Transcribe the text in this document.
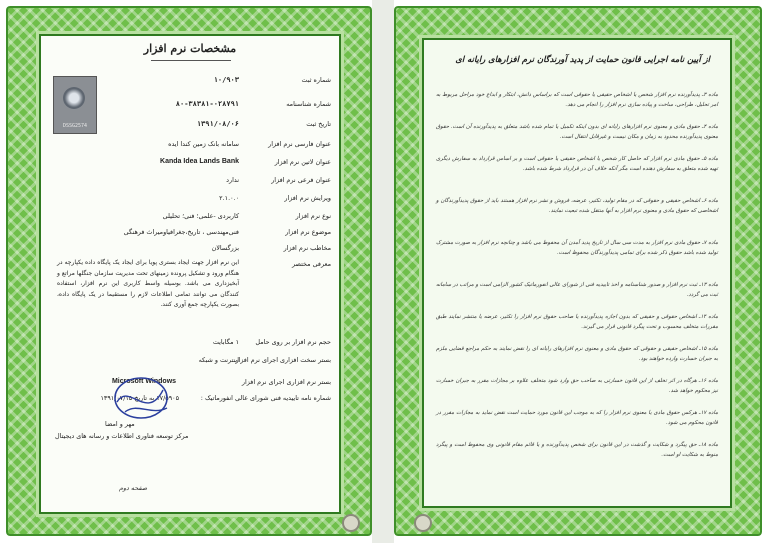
مشخصات نرم افزار
DSSG2574
شماره ثبت
۱۰/۹۰۳
شماره شناسنامه
۸۰-۳۸۳۸۱-۰۲۸۷۹۱
تاریخ ثبت
۱۳۹۱/۰۸/۰۶
عنوان فارسی نرم افزار
سامانه بانک زمین کندا ایده
عنوان لاتین نرم افزار
Kanda Idea Lands Bank
عنوان فرعی نرم افزار
ندارد
ویرایش نرم افزار
۲.۱.۰.۰
نوع نرم افزار
کاربردی -علمی؛ فنی؛ تحلیلی
موضوع نرم افزار
فنی‌مهندسی ، تاریخ‌،جغرافیاومیراث فرهنگی
مخاطب نرم افزار
بزرگسالان
معرفی مختصر
این نرم افزار جهت ایجاد بستری پویا برای ایجاد یک پایگاه داده یکپارچه در هنگام ورود و تشکیل پرونده زمینهای تحت مدیریت سازمان جنگلها مراتع و آبخیزداری می باشد. بوسیله واسط کاربری این نرم افزار، استفاده کنندگان می توانند تمامی اطلاعات لازم را مستقیما در یک پایگاه داده، بصورت یکپارچه جمع آوری کنند.
حجم نرم افزار بر روی حامل
۱ مگابایت
بستر سخت افزاری اجرای نرم افزار
اینترنت و شبکه
بستر نرم افزاری اجرای نرم افزار
Microsoft Windows
شماره نامه تاییدیه فنی شورای عالی انفورماتیک :
۱۷/۵۹۰۵ به تاریخ ۱۳۹۱/۰۷/۱۵
مهر و امضا
مرکز توسعه فناوری اطلاعات و رسانه های دیجیتال
صفحه دوم
از آیین نامه اجرایی قانون حمایت از پدید آورندگان نرم افزارهای رایانه ای
ماده ۳ـ پدیدآورنده نرم افزار شخص یا اشخاص حقیقی یا حقوقی است که براساس دانش، ابتکار و ابداع خود مراحل مربوط به امر تحلیل، طراحی، ساخت و پیاده سازی نرم افزار را انجام می دهد.
ماده ۴ـ حقوق مادی و معنوی نرم افزارهای رایانه ای بدون اینکه تکمیل یا تمام شده باشد متعلق به پدیدآورنده آن است. حقوق معنوی پدیدآورنده محدود به زمان و مکان نیست و غیرقابل انتقال است.
ماده ۵ـ حقوق مادی نرم افزار که حاصل کار شخص یا اشخاص حقیقی یا حقوقی است و بر اساس قرارداد به سفارش دیگری تهیه شده متعلق به سفارش دهنده است مگر آنکه خلاف آن در قرارداد شرط شده باشد.
ماده ۶ـ اشخاص حقیقی و حقوقی که در مقام تولید، تکثیر، عرضه، فروش و نشر نرم افزار هستند باید از حقوق پدیدآورندگان و اشخاصی که حقوق مادی و معنوی نرم افزار به آنها منتقل شده تبعیت نمایند.
ماده ۷ـ حقوق مادی نرم افزار به مدت سی سال از تاریخ پدید آمدن آن محفوظ می باشد و چنانچه نرم افزار به صورت مشترک تولید شده باشد حقوق ذکر شده برای تمامی پدیدآورندگان محفوظ است.
ماده ۱۳ـ ثبت نرم افزار و صدور شناسنامه و اخذ تاییدیه فنی از شورای عالی انفورماتیک کشور الزامی است و مراتب در سامانه ثبت می گردد.
ماده ۱۴ـ اشخاص حقوقی و حقیقی که بدون اجازه پدیدآورنده یا صاحب حقوق نرم افزار را تکثیر، عرضه یا منتشر نمایند طبق مقررات متخلف محسوب و تحت پیگرد قانونی قرار می گیرند.
ماده ۱۵ـ اشخاص حقیقی و حقوقی که حقوق مادی و معنوی نرم افزارهای رایانه ای را نقض نمایند به حکم مراجع قضایی ملزم به جبران خسارت وارده خواهند بود.
ماده ۱۶ـ هرگاه در اثر تخلف از این قانون خسارتی به صاحب حق وارد شود متخلف علاوه بر مجازات مقرر به جبران خسارت نیز محکوم خواهد شد.
ماده ۱۷ـ هرکس حقوق مادی یا معنوی نرم افزار را که به موجب این قانون مورد حمایت است نقض نماید به مجازات مقرر در قانون محکوم می شود.
ماده ۱۸ـ حق پیگرد و شکایت و گذشت در این قانون برای شخص پدیدآورنده و یا قائم مقام قانونی وی محفوظ است و پیگرد منوط به شکایت او است.
